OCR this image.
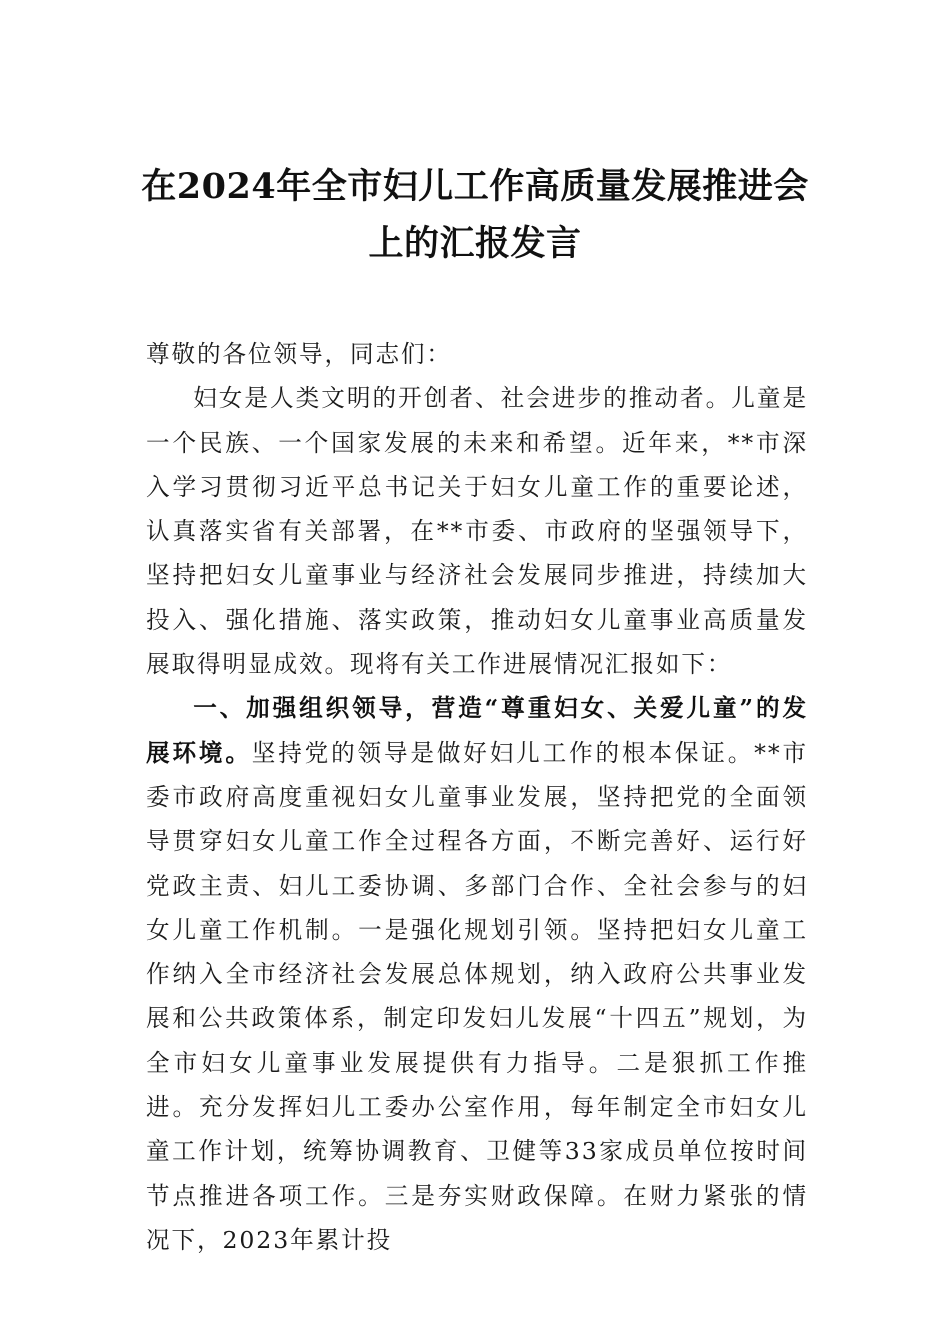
在2024年全市妇儿工作高质量发展推进会
上的汇报发言

尊敬的各位领导，同志们：

妇女是人类文明的开创者、社会进步的推动者。儿童是一个民族、一个国家发展的未来和希望。近年来，**市深入学习贯彻习近平总书记关于妇女儿童工作的重要论述，认真落实省有关部署，在**市委、市政府的坚强领导下，坚持把妇女儿童事业与经济社会发展同步推进，持续加大投入、强化措施、落实政策，推动妇女儿童事业高质量发展取得明显成效。现将有关工作进展情况汇报如下：

一、加强组织领导，营造“尊重妇女、关爱儿童”的发展环境。坚持党的领导是做好妇儿工作的根本保证。**市委市政府高度重视妇女儿童事业发展，坚持把党的全面领导贯穿妇女儿童工作全过程各方面，不断完善好、运行好党政主责、妇儿工委协调、多部门合作、全社会参与的妇女儿童工作机制。一是强化规划引领。坚持把妇女儿童工作纳入全市经济社会发展总体规划，纳入政府公共事业发展和公共政策体系，制定印发妇儿发展“十四五”规划，为全市妇女儿童事业发展提供有力指导。二是狠抓工作推进。充分发挥妇儿工委办公室作用，每年制定全市妇女儿童工作计划，统筹协调教育、卫健等33家成员单位按时间节点推进各项工作。三是夯实财政保障。在财力紧张的情况下，2023年累计投
